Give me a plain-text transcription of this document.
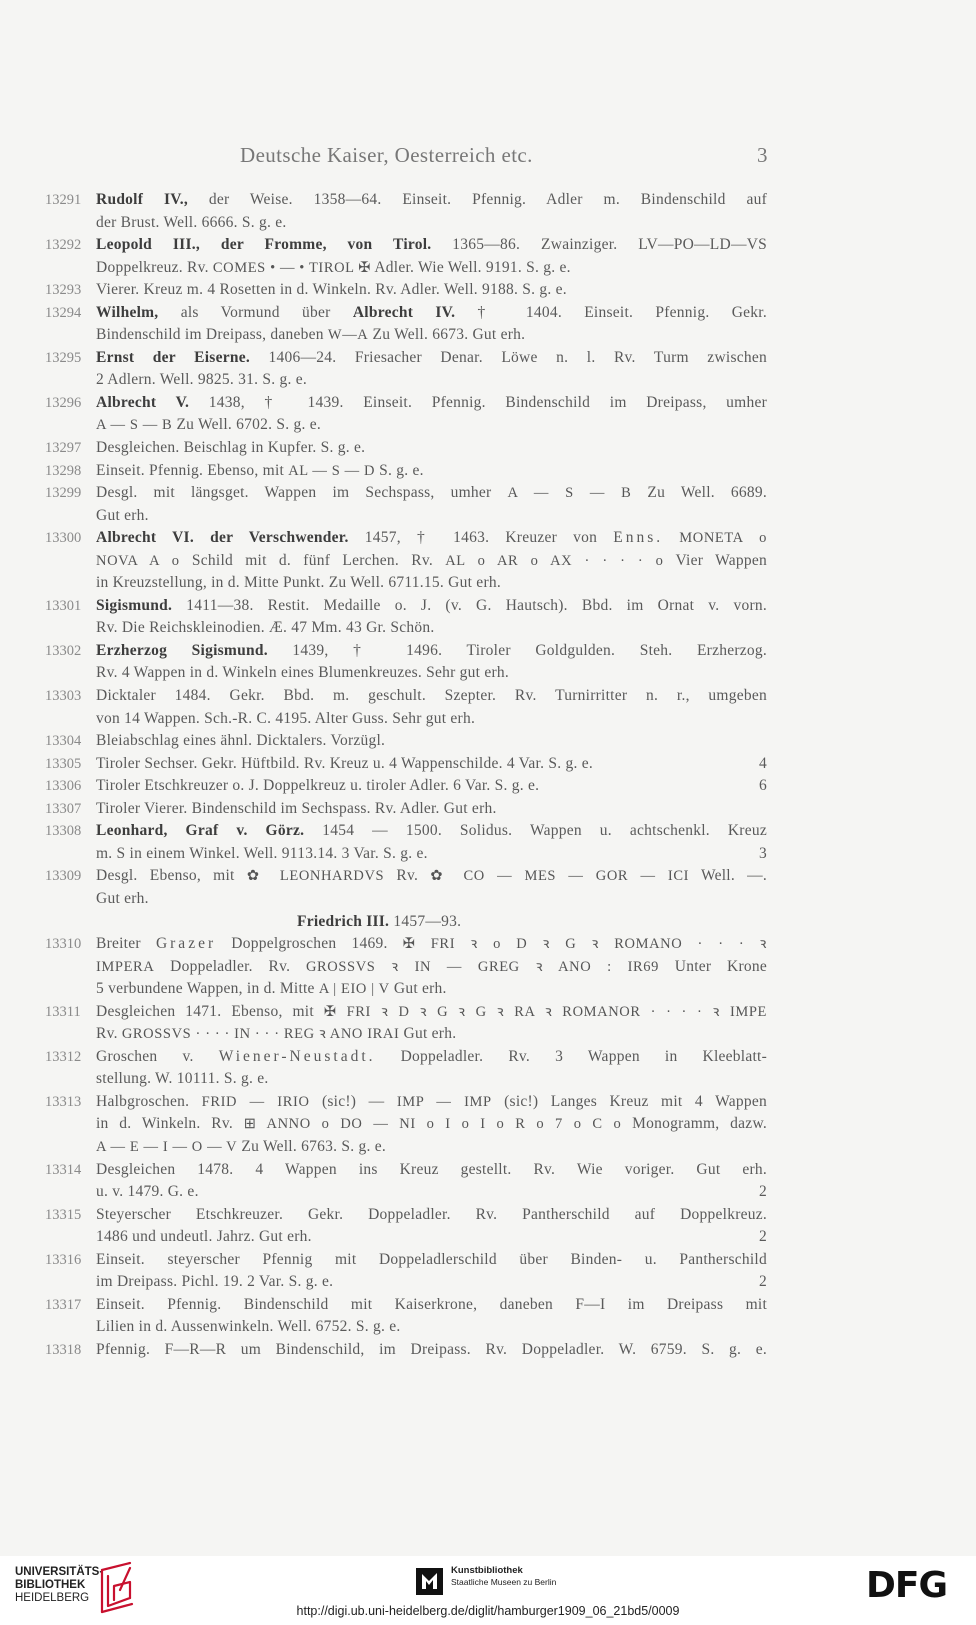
Deutsche Kaiser, Oesterreich etc.	3
13291 Rudolf IV., der Weise. 1358—64. Einseit. Pfennig. Adler m. Bindenschild auf
der Brust. Well. 6666. S. g. e.
13292 Leopold III., der Fromme, von Tirol. 1365—86. Zwainziger. LV—PO—LD—VS
Doppelkreuz. Rv. COMES • — • TIROL ✠ Adler. Wie Well. 9191. S. g. e.
13293 Vierer. Kreuz m. 4 Rosetten in d. Winkeln. Rv. Adler. Well. 9188. S. g. e.
13294 Wilhelm, als Vormund über Albrecht IV. † 1404. Einseit. Pfennig. Gekr.
Bindenschild im Dreipass, daneben W—A Zu Well. 6673. Gut erh.
13295 Ernst der Eiserne. 1406—24. Friesacher Denar. Löwe n. l. Rv. Turm zwischen
2 Adlern. Well. 9825. 31. S. g. e.
13296 Albrecht V. 1438, † 1439. Einseit. Pfennig. Bindenschild im Dreipass, umher
A — S — B Zu Well. 6702. S. g. e.
13297 Desgleichen. Beischlag in Kupfer. S. g. e.
13298 Einseit. Pfennig. Ebenso, mit AL — S — D S. g. e.
13299 Desgl. mit längsget. Wappen im Sechspass, umher A — S — B Zu Well. 6689.
Gut erh.
13300 Albrecht VI. der Verschwender. 1457, † 1463. Kreuzer von Enns. MONETA o
NOVA A o Schild mit d. fünf Lerchen. Rv. AL o AR o AX · · · · o Vier Wappen
in Kreuzstellung, in d. Mitte Punkt. Zu Well. 6711.15. Gut erh.
13301 Sigismund. 1411—38. Restit. Medaille o. J. (v. G. Hautsch). Bbd. im Ornat v. vorn.
Rv. Die Reichskleinodien. Æ. 47 Mm. 43 Gr. Schön.
13302 Erzherzog Sigismund. 1439, † 1496. Tiroler Goldgulden. Steh. Erzherzog.
Rv. 4 Wappen in d. Winkeln eines Blumenkreuzes. Sehr gut erh.
13303 Dicktaler 1484. Gekr. Bbd. m. geschult. Szepter. Rv. Turnirritter n. r., umgeben
von 14 Wappen. Sch.-R. C. 4195. Alter Guss. Sehr gut erh.
13304 Bleiabschlag eines ähnl. Dicktalers. Vorzügl.
13305 Tiroler Sechser. Gekr. Hüftbild. Rv. Kreuz u. 4 Wappenschilde. 4 Var. S. g. e.	4
13306 Tiroler Etschkreuzer o. J. Doppelkreuz u. tiroler Adler. 6 Var. S. g. e.	6
13307 Tiroler Vierer. Bindenschild im Sechspass. Rv. Adler. Gut erh.
13308 Leonhard, Graf v. Görz. 1454 — 1500. Solidus. Wappen u. achtschenkl. Kreuz
m. S in einem Winkel. Well. 9113.14. 3 Var. S. g. e.	3
13309 Desgl. Ebenso, mit ✿ LEONHARDVS Rv. ✿ CO — MES — GOR — ICI Well. —.
Gut erh.
Friedrich III. 1457—93.
13310 Breiter Grazer Doppelgroschen 1469. ✠ FRI ꝛ o D ꝛ G ꝛ ROMANO · · · ꝛ
IMPERA Doppeladler. Rv. GROSSVS ꝛ IN — GREG ꝛ ANO : IR69 Unter Krone
5 verbundene Wappen, in d. Mitte A | EIO | V Gut erh.
13311 Desgleichen 1471. Ebenso, mit ✠ FRI ꝛ D ꝛ G ꝛ G ꝛ RA ꝛ ROMANOR · · · · ꝛ IMPE
Rv. GROSSVS · · · · IN · · · REG ꝛ ANO IRAI Gut erh.
13312 Groschen v. Wiener-Neustadt. Doppeladler. Rv. 3 Wappen in Kleeblatt-
stellung. W. 10111. S. g. e.
13313 Halbgroschen. FRID — IRIO (sic!) — IMP — IMP (sic!) Langes Kreuz mit 4 Wappen
in d. Winkeln. Rv. ⊞ ANNO o DO — NI o I o I o R o 7 o C o Monogramm, dazw.
A — E — I — O — V Zu Well. 6763. S. g. e.
13314 Desgleichen 1478. 4 Wappen ins Kreuz gestellt. Rv. Wie voriger. Gut erh.
u. v. 1479. G. e.	2
13315 Steyerscher Etschkreuzer. Gekr. Doppeladler. Rv. Pantherschild auf Doppelkreuz.
1486 und undeutl. Jahrz. Gut erh.	2
13316 Einseit. steyerscher Pfennig mit Doppeladlerschild über Binden- u. Pantherschild
im Dreipass. Pichl. 19. 2 Var. S. g. e.	2
13317 Einseit. Pfennig. Bindenschild mit Kaiserkrone, daneben F—I im Dreipass mit
Lilien in d. Aussenwinkeln. Well. 6752. S. g. e.
13318 Pfennig. F—R—R um Bindenschild, im Dreipass. Rv. Doppeladler. W. 6759. S. g. e.
UNIVERSITÄTS-
BIBLIOTHEK
HEIDELBERG
Kunstbibliothek
Staatliche Museen zu Berlin	DFG
http://digi.ub.uni-heidelberg.de/diglit/hamburger1909_06_21bd5/0009
